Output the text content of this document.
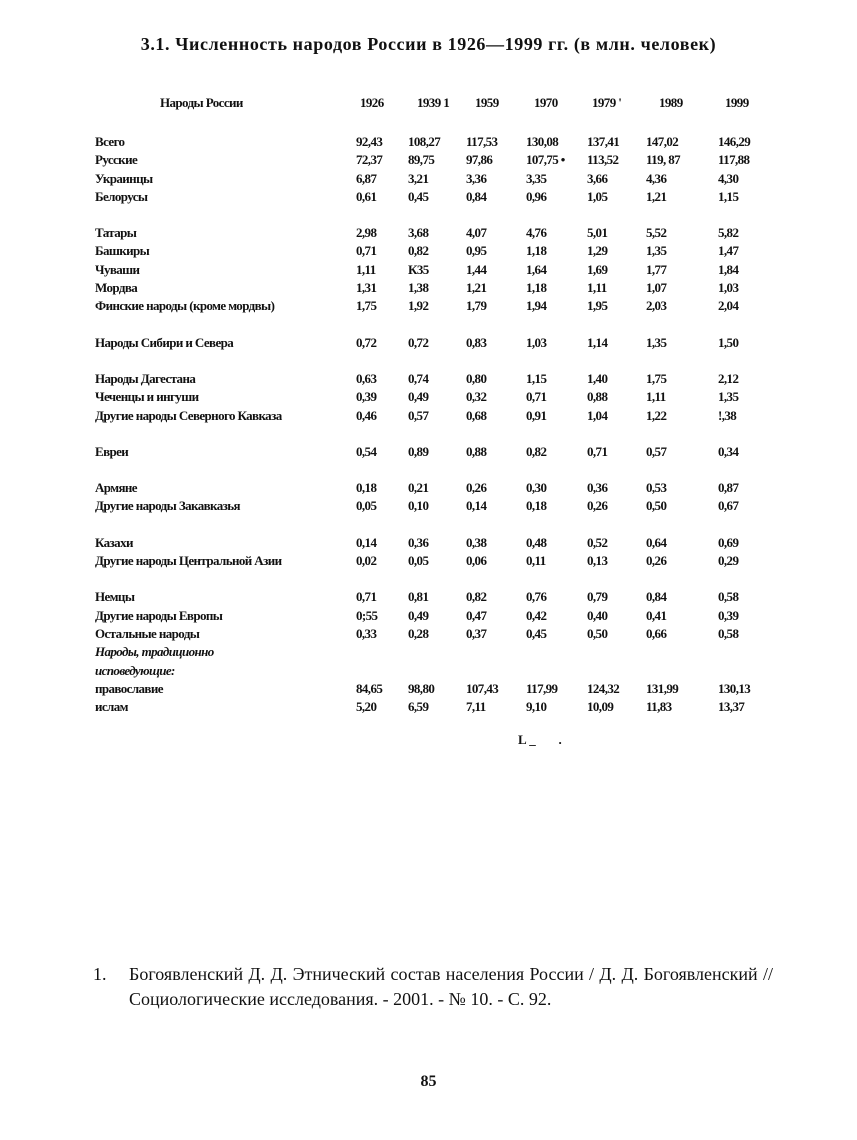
3.1. Численность народов России в 1926—1999 гг. (в млн. человек)
Народы России	1926	1939 1 1959	1970	1979 '	1989	1999
Всего	92,43 108,27 117,53 130,08 137,41 147,02	146,29
Русские	72,37 89,75 97,86	107,75 • 113,52 119, 87	117,88
Украинцы	6,87 3,21	3,36	3,35	3,66	4,36	4,30
Белорусы	0,61 0,45	0,84	0,96	1,05	1,21	1,15
Татары	2,98 3,68	4,07	4,76	5,01	5,52	5,82
Башкиры	0,71 0,82	0,95	1,18	1,29	1,35	1,47
Чуваши	1,11 К35	1,44	1,64	1,69	1,77	1,84
Мордва	1,31 1,38	1,21	1,18	1,11	1,07	1,03
Финские народы (кроме мордвы)	1,75 1,92	1,79	1,94	1,95	2,03	2,04
Народы Сибири и Севера	0,72 0,72	0,83	1,03	1,14	1,35	1,50
Народы Дагестана	0,63 0,74	0,80	1,15	1,40	1,75	2,12
Чеченцы и ингуши	0,39 0,49	0,32	0,71	0,88	1,11	1,35
Другие народы Северного Кавказа	0,46 0,57	0,68	0,91	1,04	1,22	!,38
Евреи	0,54 0,89	0,88	0,82	0,71	0,57	0,34
Армяне	0,18 0,21	0,26	0,30	0,36	0,53	0,87
Другие народы Закавказья	0,05 0,10	0,14	0,18	0,26	0,50	0,67
Казахи	0,14 0,36	0,38	0,48	0,52	0,64	0,69
Другие народы Центральной Азии	0,02 0,05	0,06	0,11	0,13	0,26	0,29
Немцы	0,71 0,81	0,82	0,76	0,79	0,84	0,58
Другие народы Европы	0;55 0,49	0,47	0,42	0,40	0,41	0,39
Остальные народы	0,33 0,28	0,37	0,45	0,50	0,66	0,58
Народы, традиционно
исповедующие:
православие	84,65 98,80 107,43 117,99 124,32 131,99	130,13
ислам	5,20 6,59	7,11	9,10	10,09	11,83	13,37
L _       .
1. Богоявленский Д. Д. Этнический состав населения России / Д. Д. Богоявленский // Социологические исследования. - 2001. - № 10. - С. 92.
85
